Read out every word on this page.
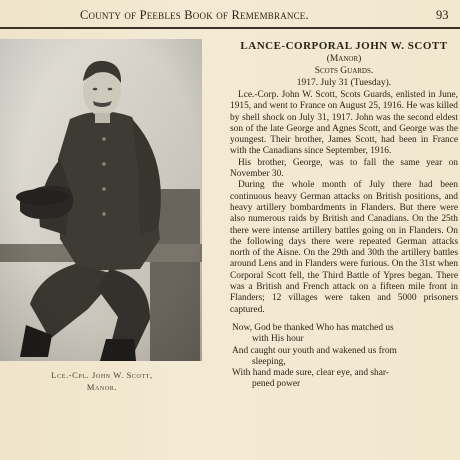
County of Peebles Book of Remembrance.	93
Lce.-Cpl. John W. Scott,
Manor.
LANCE-CORPORAL JOHN W. SCOTT
(Manor)
Scots Guards.
1917. July 31 (Tuesday).

Lce.-Corp. John W. Scott, Scots Guards, enlisted in June, 1915, and went to France on August 25, 1916. He was killed by shell shock on July 31, 1917. John was the second eldest son of the late George and Agnes Scott, and George was the youngest. Their brother, James Scott, had been in France with the Canadians since September, 1916.

His brother, George, was to fall the same year on November 30.

During the whole month of July there had been continuous heavy German attacks on British positions, and heavy artillery bombardments in Flanders. But there were also numerous raids by British and Canadians. On the 25th there were intense artillery battles going on in Flanders. On the following days there were repeated German attacks north of the Aisne. On the 29th and 30th the artillery battles around Lens and in Flanders were furious. On the 31st when Corporal Scott fell, the Third Battle of Ypres began. There was a British and French attack on a fifteen mile front in Flanders; 12 villages were taken and 5000 prisoners captured.

Now, God be thanked Who has matched us
with His hour
And caught our youth and wakened us from
sleeping,
With hand made sure, clear eye, and shar-
pened power
